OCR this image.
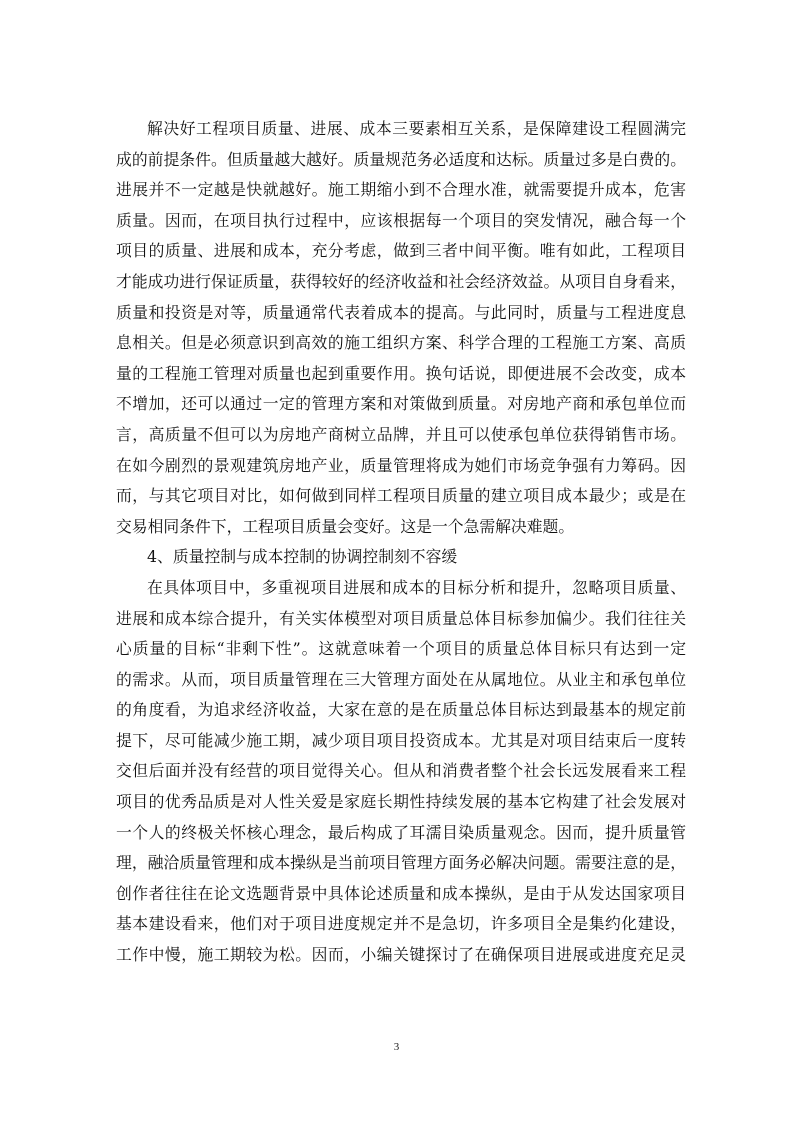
解决好工程项目质量、进展、成本三要素相互关系，是保障建设工程圆满完
成的前提条件。但质量越大越好。质量规范务必适度和达标。质量过多是白费的。
进展并不一定越是快就越好。施工期缩小到不合理水准，就需要提升成本，危害
质量。因而，在项目执行过程中，应该根据每一个项目的突发情况，融合每一个
项目的质量、进展和成本，充分考虑，做到三者中间平衡。唯有如此，工程项目
才能成功进行保证质量，获得较好的经济收益和社会经济效益。从项目自身看来，
质量和投资是对等，质量通常代表着成本的提高。与此同时，质量与工程进度息
息相关。但是必须意识到高效的施工组织方案、科学合理的工程施工方案、高质
量的工程施工管理对质量也起到重要作用。换句话说，即便进展不会改变，成本
不增加，还可以通过一定的管理方案和对策做到质量。对房地产商和承包单位而
言，高质量不但可以为房地产商树立品牌，并且可以使承包单位获得销售市场。
在如今剧烈的景观建筑房地产业，质量管理将成为她们市场竞争强有力筹码。因
而，与其它项目对比，如何做到同样工程项目质量的建立项目成本最少；或是在
交易相同条件下，工程项目质量会变好。这是一个急需解决难题。
4、质量控制与成本控制的协调控制刻不容缓
在具体项目中，多重视项目进展和成本的目标分析和提升，忽略项目质量、
进展和成本综合提升，有关实体模型对项目质量总体目标参加偏少。我们往往关
心质量的目标“非剩下性”。这就意味着一个项目的质量总体目标只有达到一定
的需求。从而，项目质量管理在三大管理方面处在从属地位。从业主和承包单位
的角度看，为追求经济收益，大家在意的是在质量总体目标达到最基本的规定前
提下，尽可能减少施工期，减少项目项目投资成本。尤其是对项目结束后一度转
交但后面并没有经营的项目觉得关心。但从和消费者整个社会长远发展看来工程
项目的优秀品质是对人性关爱是家庭长期性持续发展的基本它构建了社会发展对
一个人的终极关怀核心理念，最后构成了耳濡目染质量观念。因而，提升质量管
理，融洽质量管理和成本操纵是当前项目管理方面务必解决问题。需要注意的是，
创作者往往在论文选题背景中具体论述质量和成本操纵，是由于从发达国家项目
基本建设看来，他们对于项目进度规定并不是急切，许多项目全是集约化建设，
工作中慢，施工期较为松。因而，小编关键探讨了在确保项目进展或进度充足灵
3
